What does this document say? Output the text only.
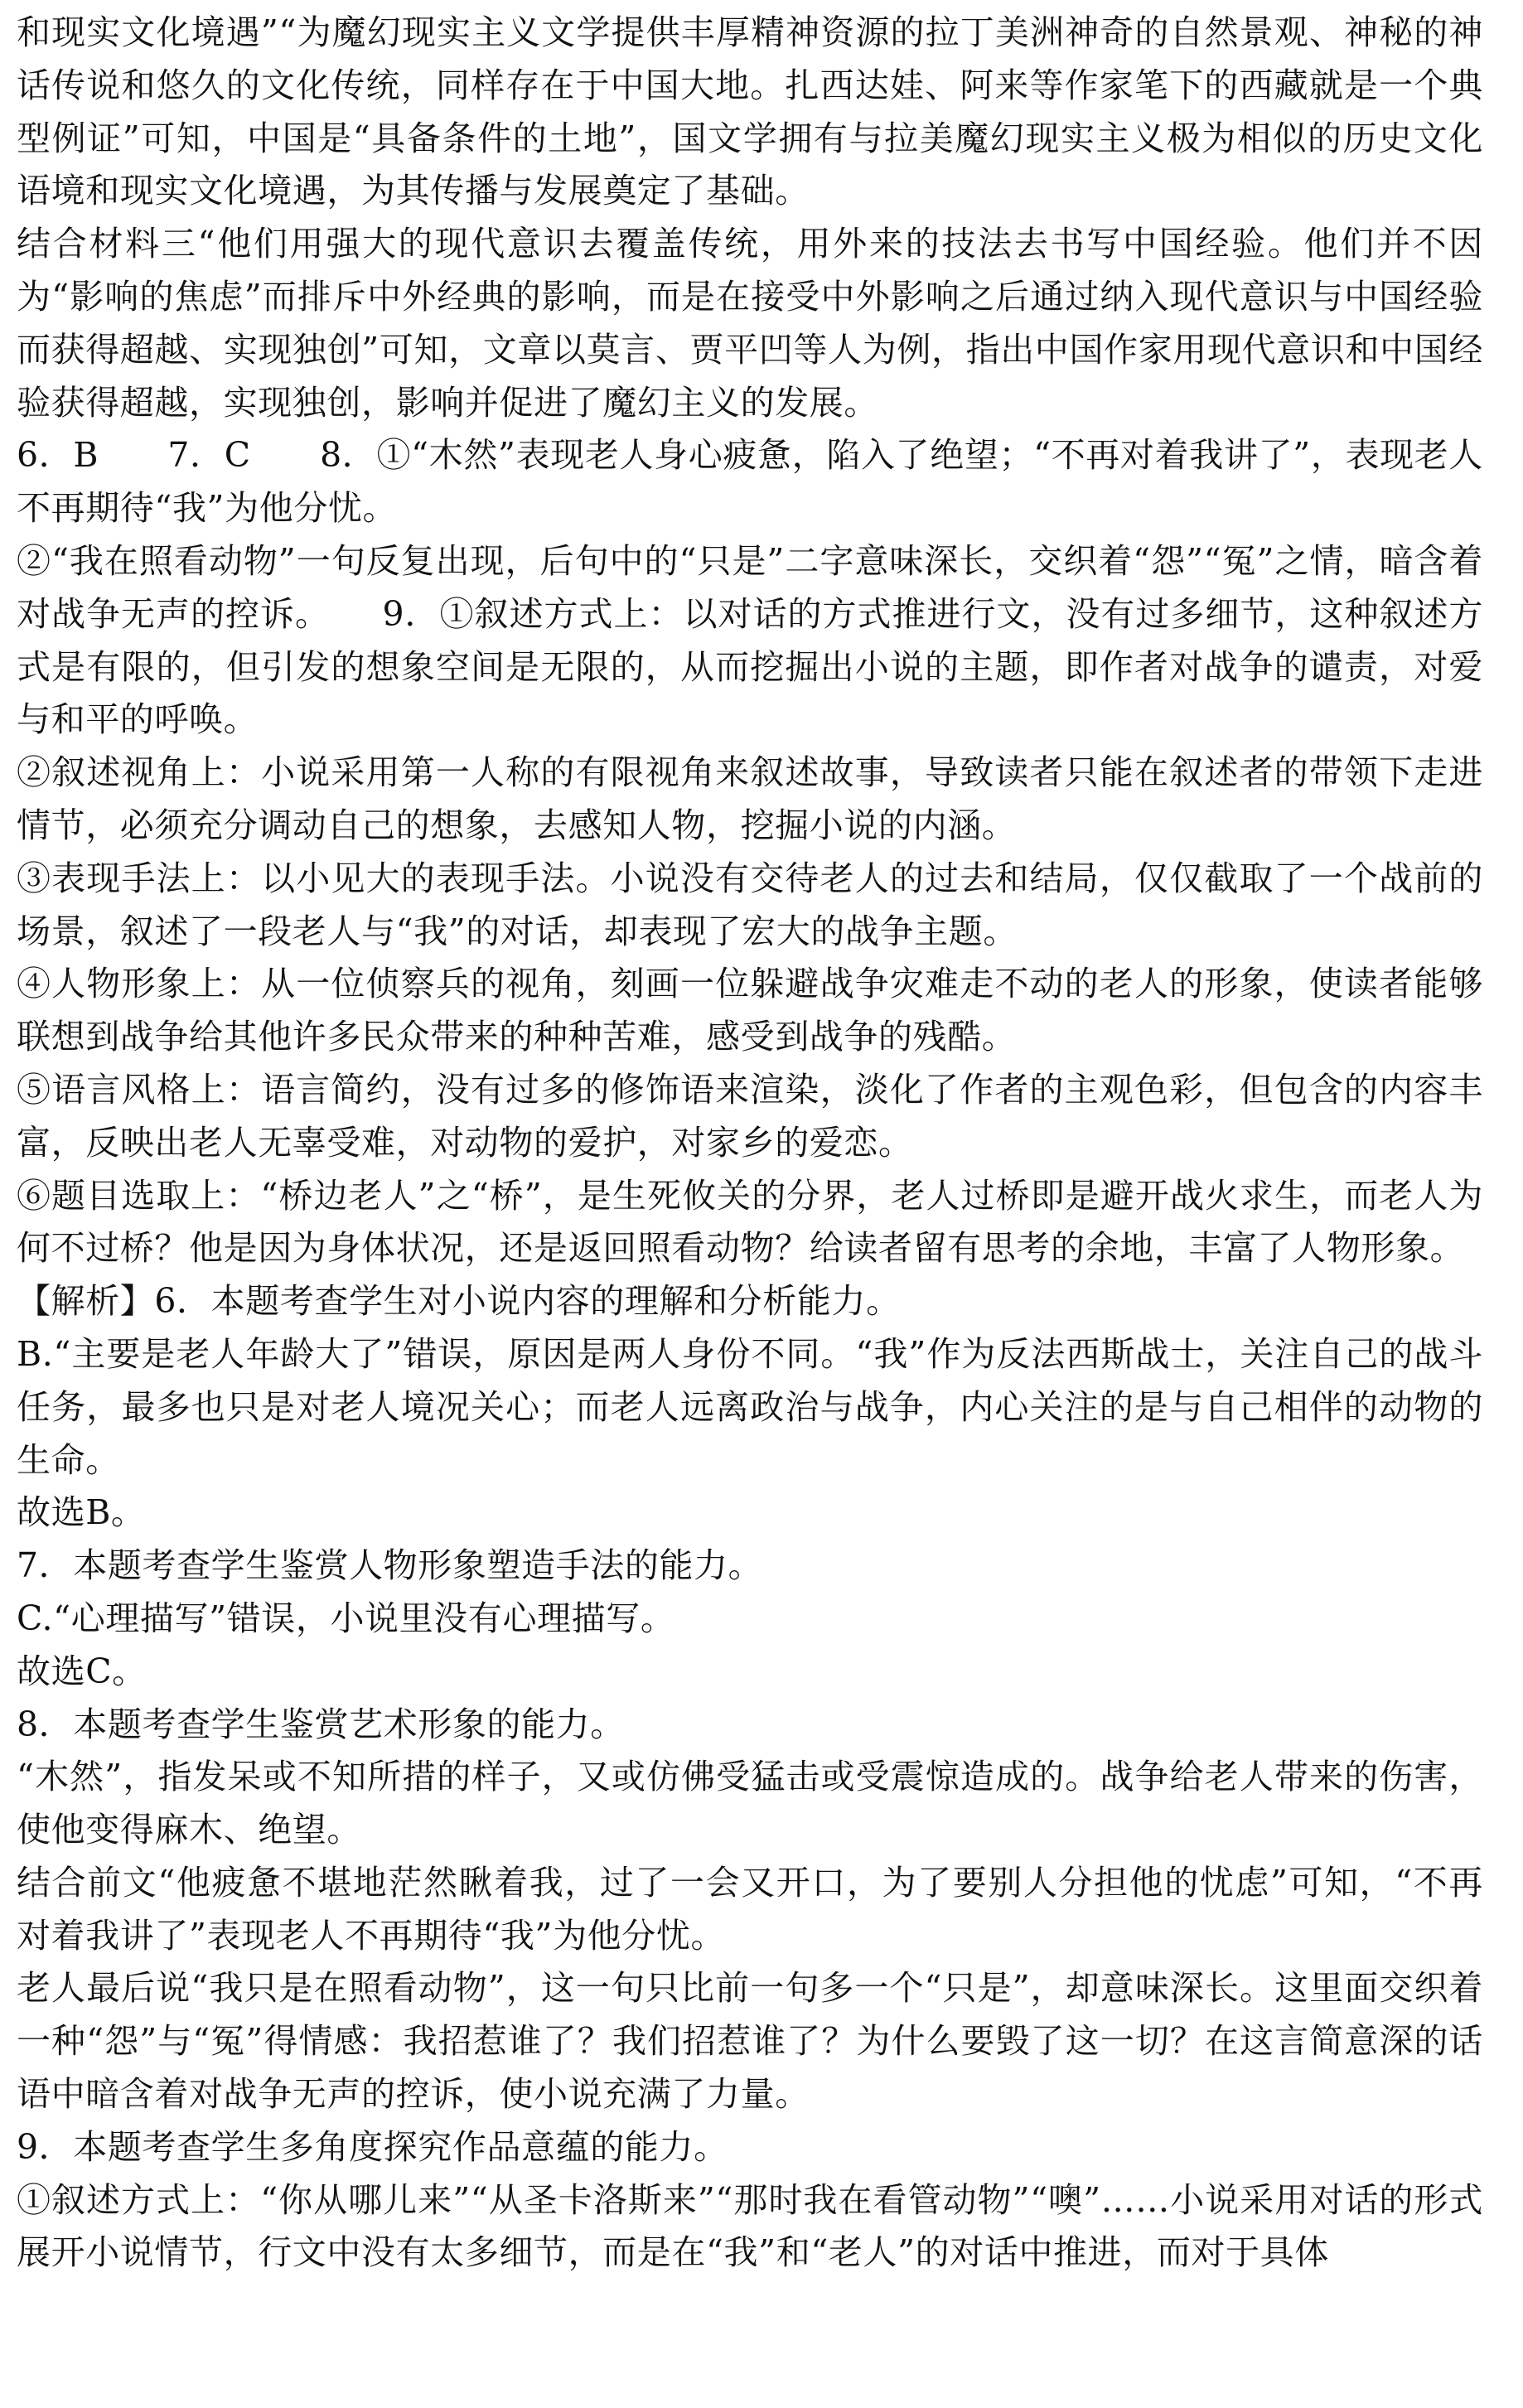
和现实文化境遇”“为魔幻现实主义文学提供丰厚精神资源的拉丁美洲神奇的自然景观、神秘的神话传说和悠久的文化传统，同样存在于中国大地。扎西达娃、阿来等作家笔下的西藏就是一个典型例证”可知，中国是“具备条件的土地”，国文学拥有与拉美魔幻现实主义极为相似的历史文化语境和现实文化境遇，为其传播与发展奠定了基础。

结合材料三“他们用强大的现代意识去覆盖传统，用外来的技法去书写中国经验。他们并不因为“影响的焦虑”而排斥中外经典的影响，而是在接受中外影响之后通过纳入现代意识与中国经验而获得超越、实现独创”可知，文章以莫言、贾平凹等人为例，指出中国作家用现代意识和中国经验获得超越，实现独创，影响并促进了魔幻主义的发展。

6．B　　7．C　　8．①“木然”表现老人身心疲惫，陷入了绝望；“不再对着我讲了”，表现老人不再期待“我”为他分忧。

②“我在照看动物”一句反复出现，后句中的“只是”二字意味深长，交织着“怨”“冤”之情，暗含着对战争无声的控诉。　　9．①叙述方式上：以对话的方式推进行文，没有过多细节，这种叙述方式是有限的，但引发的想象空间是无限的，从而挖掘出小说的主题，即作者对战争的谴责，对爱与和平的呼唤。

②叙述视角上：小说采用第一人称的有限视角来叙述故事，导致读者只能在叙述者的带领下走进情节，必须充分调动自己的想象，去感知人物，挖掘小说的内涵。

③表现手法上：以小见大的表现手法。小说没有交待老人的过去和结局，仅仅截取了一个战前的场景，叙述了一段老人与“我”的对话，却表现了宏大的战争主题。

④人物形象上：从一位侦察兵的视角，刻画一位躲避战争灾难走不动的老人的形象，使读者能够联想到战争给其他许多民众带来的种种苦难，感受到战争的残酷。

⑤语言风格上：语言简约，没有过多的修饰语来渲染，淡化了作者的主观色彩，但包含的内容丰富，反映出老人无辜受难，对动物的爱护，对家乡的爱恋。

⑥题目选取上：“桥边老人”之“桥”，是生死攸关的分界，老人过桥即是避开战火求生，而老人为何不过桥？他是因为身体状况，还是返回照看动物？给读者留有思考的余地，丰富了人物形象。

【解析】6．本题考查学生对小说内容的理解和分析能力。

B.“主要是老人年龄大了”错误，原因是两人身份不同。“我”作为反法西斯战士，关注自己的战斗任务，最多也只是对老人境况关心；而老人远离政治与战争，内心关注的是与自己相伴的动物的生命。

故选B。

7．本题考查学生鉴赏人物形象塑造手法的能力。

C.“心理描写”错误，小说里没有心理描写。

故选C。

8．本题考查学生鉴赏艺术形象的能力。

“木然”，指发呆或不知所措的样子，又或仿佛受猛击或受震惊造成的。战争给老人带来的伤害，使他变得麻木、绝望。

结合前文“他疲惫不堪地茫然瞅着我，过了一会又开口，为了要别人分担他的忧虑”可知，“不再对着我讲了”表现老人不再期待“我”为他分忧。

老人最后说“我只是在照看动物”，这一句只比前一句多一个“只是”，却意味深长。这里面交织着一种“怨”与“冤”得情感：我招惹谁了？我们招惹谁了？为什么要毁了这一切？在这言简意深的话语中暗含着对战争无声的控诉，使小说充满了力量。

9．本题考查学生多角度探究作品意蕴的能力。

①叙述方式上：“你从哪儿来”“从圣卡洛斯来”“那时我在看管动物”“噢”……小说采用对话的形式展开小说情节，行文中没有太多细节，而是在“我”和“老人”的对话中推进，而对于具体
